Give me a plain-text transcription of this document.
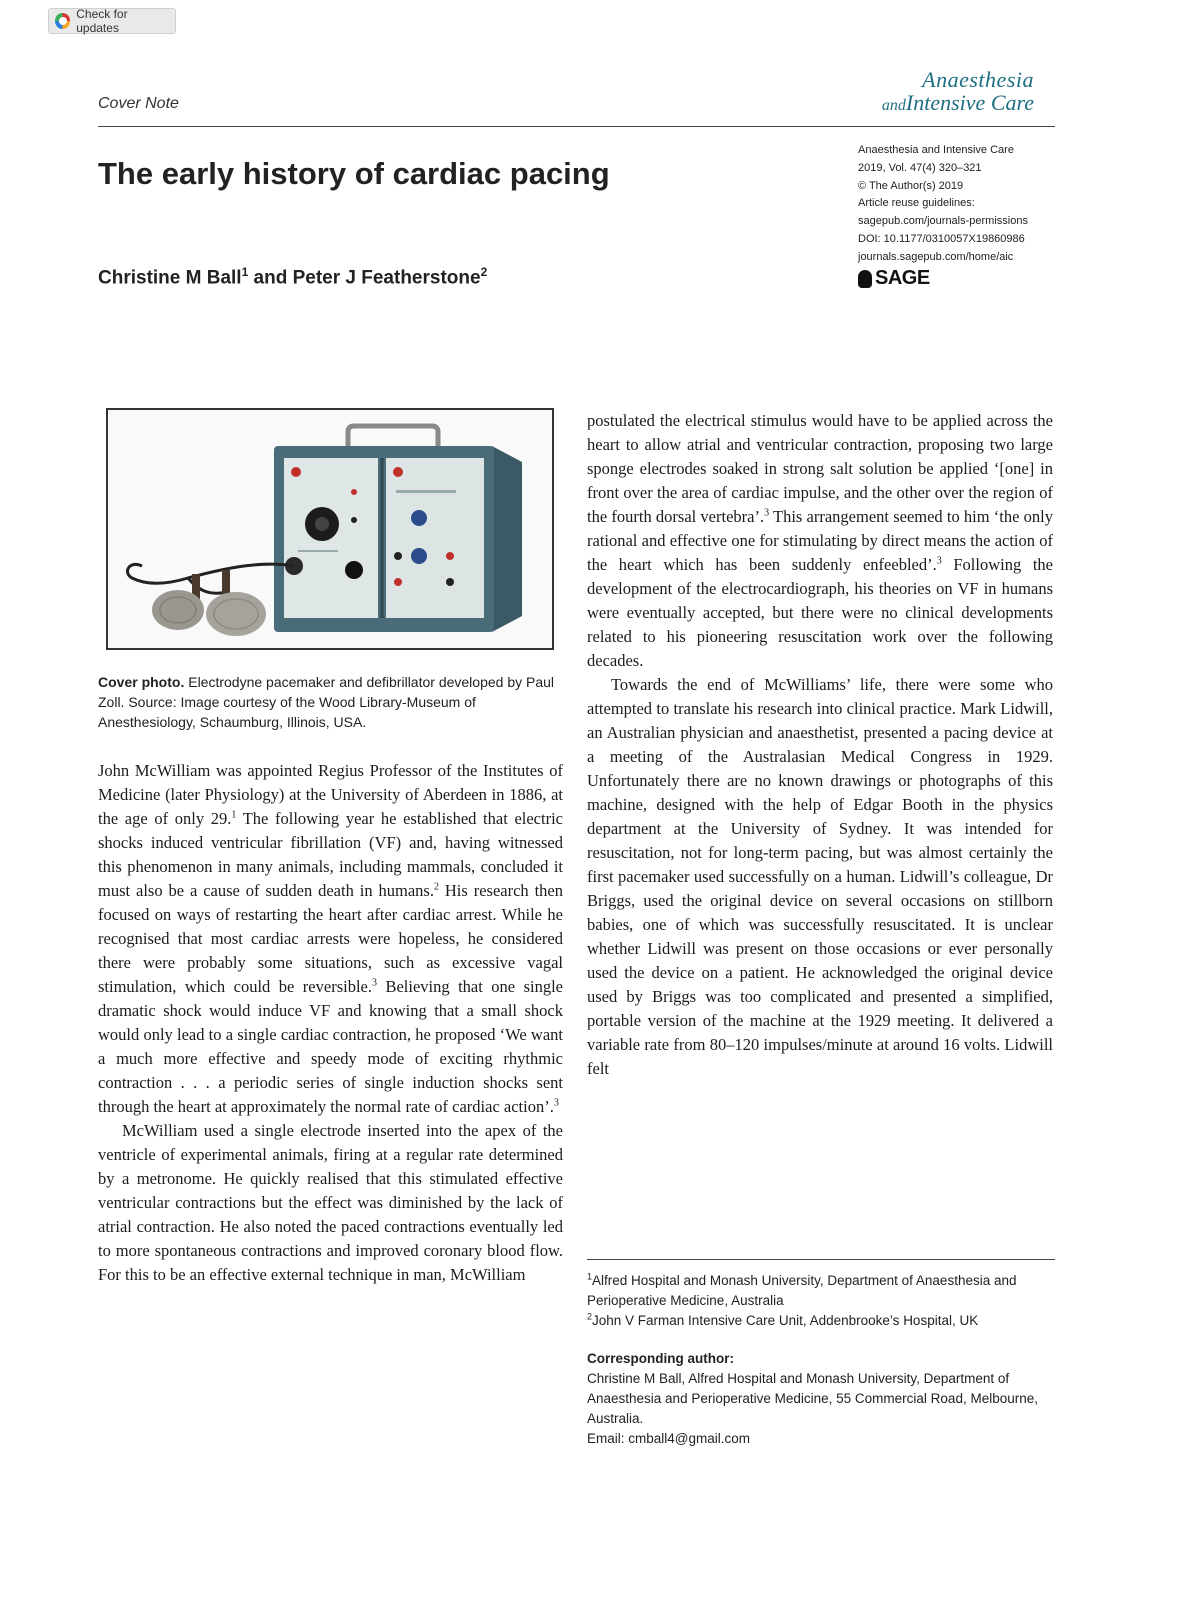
Check for updates
Cover Note
Anaesthesia
andIntensive Care
The early history of cardiac pacing
Christine M Ball$^1$ and Peter J Featherstone$^2$
Anaesthesia and Intensive Care
2019, Vol. 47(4) 320–321
© The Author(s) 2019
Article reuse guidelines:
sagepub.com/journals-permissions
DOI: 10.1177/0310057X19860986
journals.sagepub.com/home/aic
SAGE
Cover photo. Electrodyne pacemaker and defibrillator developed by Paul Zoll. Source: Image courtesy of the Wood Library-Museum of Anesthesiology, Schaumburg, Illinois, USA.

John McWilliam was appointed Regius Professor of the Institutes of Medicine (later Physiology) at the University of Aberdeen in 1886, at the age of only 29.$^1$ The following year he established that electric shocks induced ventricular fibrillation (VF) and, having witnessed this phenomenon in many animals, including mammals, concluded it must also be a cause of sudden death in humans.$^2$ His research then focused on ways of restarting the heart after cardiac arrest. While he recognised that most cardiac arrests were hopeless, he considered there were probably some situations, such as excessive vagal stimulation, which could be reversible.$^3$ Believing that one single dramatic shock would induce VF and knowing that a small shock would only lead to a single cardiac contraction, he proposed ‘We want a much more effective and speedy mode of exciting rhythmic contraction . . . a periodic series of single induction shocks sent through the heart at approximately the normal rate of cardiac action’.$^3$

McWilliam used a single electrode inserted into the apex of the ventricle of experimental animals, firing at a regular rate determined by a metronome. He quickly realised that this stimulated effective ventricular contractions but the effect was diminished by the lack of atrial contraction. He also noted the paced contractions eventually led to more spontaneous contractions and improved coronary blood flow. For this to be an effective external technique in man, McWilliam

postulated the electrical stimulus would have to be applied across the heart to allow atrial and ventricular contraction, proposing two large sponge electrodes soaked in strong salt solution be applied ‘[one] in front over the area of cardiac impulse, and the other over the region of the fourth dorsal vertebra’.$^3$ This arrangement seemed to him ‘the only rational and effective one for stimulating by direct means the action of the heart which has been suddenly enfeebled’.$^3$ Following the development of the electrocardiograph, his theories on VF in humans were eventually accepted, but there were no clinical developments related to his pioneering resuscitation work over the following decades.

Towards the end of McWilliams’ life, there were some who attempted to translate his research into clinical practice. Mark Lidwill, an Australian physician and anaesthetist, presented a pacing device at a meeting of the Australasian Medical Congress in 1929. Unfortunately there are no known drawings or photographs of this machine, designed with the help of Edgar Booth in the physics department at the University of Sydney. It was intended for resuscitation, not for long-term pacing, but was almost certainly the first pacemaker used successfully on a human. Lidwill’s colleague, Dr Briggs, used the original device on several occasions on stillborn babies, one of which was successfully resuscitated. It is unclear whether Lidwill was present on those occasions or ever personally used the device on a patient. He acknowledged the original device used by Briggs was too complicated and presented a simplified, portable version of the machine at the 1929 meeting. It delivered a variable rate from 80–120 impulses/minute at around 16 volts. Lidwill felt

$^1$Alfred Hospital and Monash University, Department of Anaesthesia and Perioperative Medicine, Australia

$^2$John V Farman Intensive Care Unit, Addenbrooke’s Hospital, UK

Corresponding author:

Christine M Ball, Alfred Hospital and Monash University, Department of Anaesthesia and Perioperative Medicine, 55 Commercial Road, Melbourne, Australia.

Email: cmball4@gmail.com
